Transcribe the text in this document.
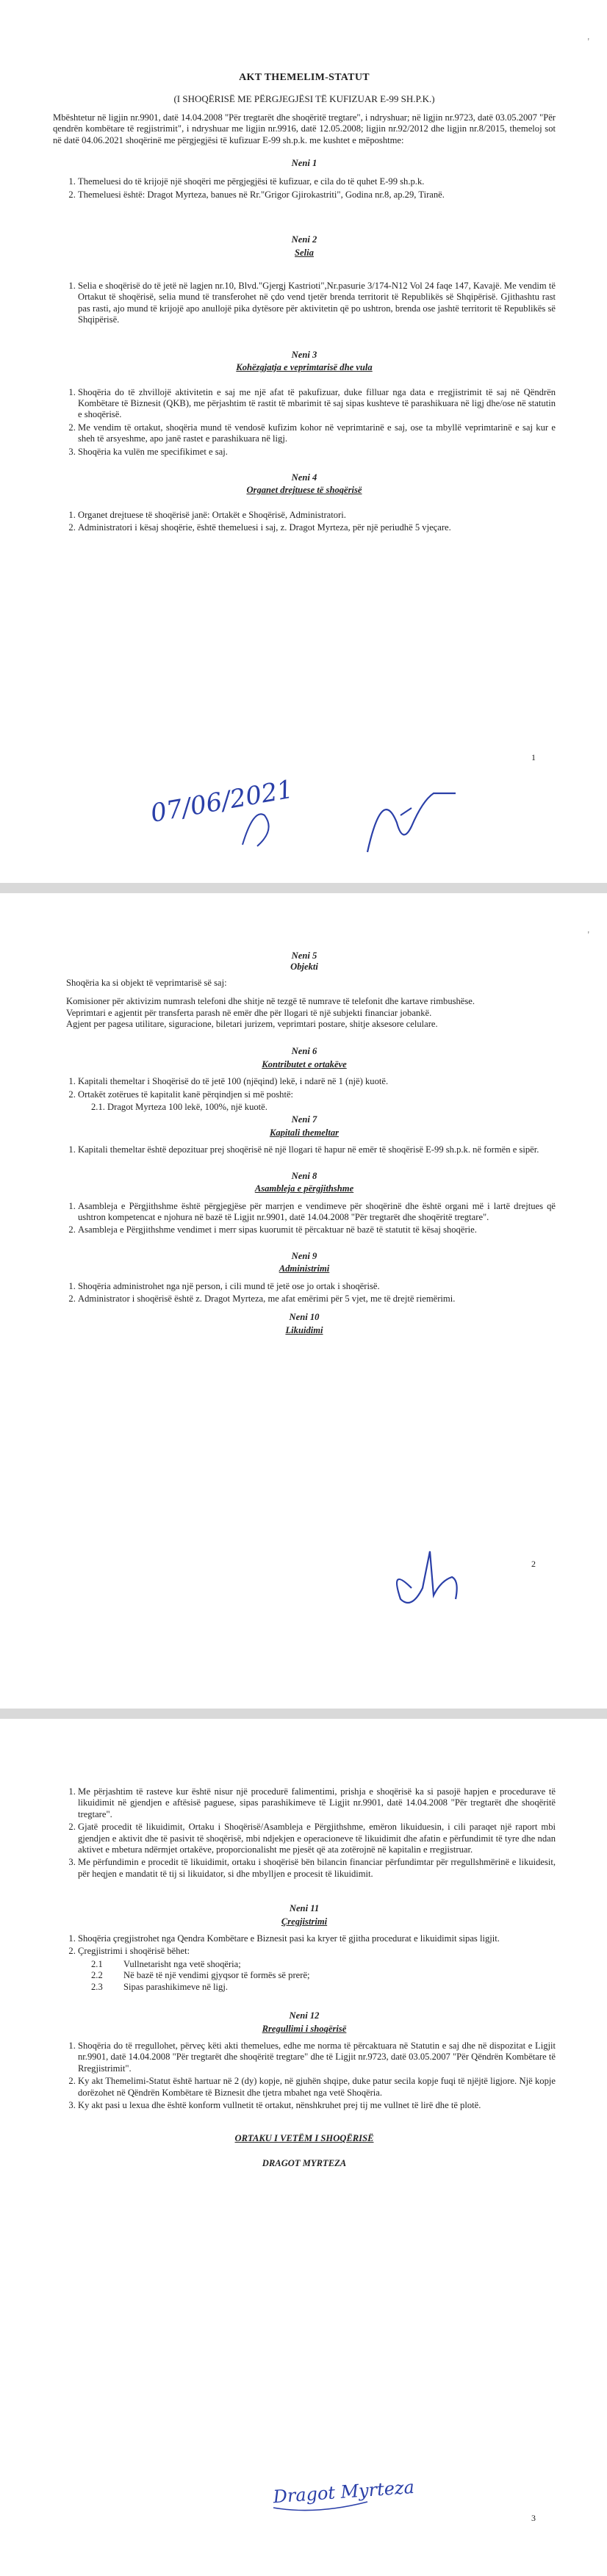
'

AKT THEMELIM-STATUT

(I SHOQËRISË ME PËRGJEGJËSI TË KUFIZUAR E-99 SH.P.K.)

Mbështetur në ligjin nr.9901, datë 14.04.2008 "Për tregtarët dhe shoqëritë tregtare", i ndryshuar; në ligjin nr.9723, datë 03.05.2007 "Për qendrën kombëtare të regjistrimit", i ndryshuar me ligjin nr.9916, datë 12.05.2008; ligjin nr.92/2012 dhe ligjin nr.8/2015, themeloj sot në datë 04.06.2021 shoqërinë me përgjegjësi të kufizuar E-99 sh.p.k. me kushtet e mëposhtme:

Neni 1

1. Themeluesi do të krijojë një shoqëri me përgjegjësi të kufizuar, e cila do të quhet E-99 sh.p.k.
2. Themeluesi është: Dragot Myrteza, banues në Rr."Grigor Gjirokastriti", Godina nr.8, ap.29, Tiranë.

Neni 2

Selia

1. Selia e shoqërisë do të jetë në lagjen nr.10, Blvd."Gjergj Kastrioti",Nr.pasurie 3/174-N12 Vol 24 faqe 147, Kavajë. Me vendim të Ortakut të shoqërisë, selia mund të transferohet në çdo vend tjetër brenda territorit të Republikës së Shqipërisë. Gjithashtu rast pas rasti, ajo mund të krijojë apo anullojë pika dytësore për aktivitetin që po ushtron, brenda ose jashtë territorit të Republikës së Shqipërisë.

Neni 3

Kohëzgjatja e veprimtarisë dhe vula

1. Shoqëria do të zhvillojë aktivitetin e saj me një afat të pakufizuar, duke filluar nga data e rregjistrimit të saj në Qëndrën Kombëtare të Biznesit (QKB), me përjashtim të rastit të mbarimit të saj sipas kushteve të parashikuara në ligj dhe/ose në statutin e shoqërisë.
2. Me vendim të ortakut, shoqëria mund të vendosë kufizim kohor në veprimtarinë e saj, ose ta mbyllë veprimtarinë e saj kur e sheh të arsyeshme, apo janë rastet e parashikuara në ligj.
3. Shoqëria ka vulën me specifikimet e saj.

Neni 4

Organet drejtuese të shoqërisë

1. Organet drejtuese të shoqërisë janë: Ortakët e Shoqërisë, Administratori.
2. Administratori i kësaj shoqërie, është themeluesi i saj, z. Dragot Myrteza, për një periudhë 5 vjeçare.
1
07/06/2021
'

Neni 5

Objekti

Shoqëria ka si objekt të veprimtarisë së saj:

Komisioner për aktivizim numrash telefoni dhe shitje në tezgë të numrave të telefonit dhe kartave rimbushëse.

Veprimtari e agjentit për transferta parash në emër dhe për llogari të një subjekti financiar jobankë.

Agjent per pagesa utilitare, siguracione, biletari jurizem, veprimtari postare, shitje aksesore celulare.

Neni 6

Kontributet e ortakëve

1. Kapitali themeltar i Shoqërisë do të jetë 100 (njëqind) lekë, i ndarë në 1 (një) kuotë.
2. Ortakët zotërues të kapitalit kanë përqindjen si më poshtë:

2.1. Dragot Myrteza 100 lekë, 100%, një kuotë.

Neni 7

Kapitali themeltar

1. Kapitali themeltar është depozituar prej shoqërisë në një llogari të hapur në emër të shoqërisë E-99 sh.p.k. në formën e sipër.

Neni 8

Asambleja e përgjithshme

1. Asambleja e Përgjithshme është përgjegjëse për marrjen e vendimeve për shoqërinë dhe është organi më i lartë drejtues që ushtron kompetencat e njohura në bazë të Ligjit nr.9901, datë 14.04.2008 "Për tregtarët dhe shoqëritë tregtare".
2. Asambleja e Përgjithshme vendimet i merr sipas kuorumit të përcaktuar në bazë të statutit të kësaj shoqërie.

Neni 9

Administrimi

1. Shoqëria administrohet nga një person, i cili mund të jetë ose jo ortak i shoqërisë.
2. Administrator i shoqërisë është z. Dragot Myrteza, me afat emërimi për 5 vjet, me të drejtë riemërimi.

Neni 10

Likuidimi

2
1. Me përjashtim të rasteve kur është nisur një procedurë falimentimi, prishja e shoqërisë ka si pasojë hapjen e procedurave të likuidimit në gjendjen e aftësisë paguese, sipas parashikimeve të Ligjit nr.9901, datë 14.04.2008 "Për tregtarët dhe shoqëritë tregtare".
2. Gjatë procedit të likuidimit, Ortaku i Shoqërisë/Asambleja e Përgjithshme, emëron likuiduesin, i cili paraqet një raport mbi gjendjen e aktivit dhe të pasivit të shoqërisë, mbi ndjekjen e operacioneve të likuidimit dhe afatin e përfundimit të tyre dhe ndan aktivet e mbetura ndërmjet ortakëve, proporcionalisht me pjesët që ata zotërojnë në kapitalin e rregjistruar.
3. Me përfundimin e procedit të likuidimit, ortaku i shoqërisë bën bilancin financiar përfundimtar për rregullshmërinë e likuidesit, për heqjen e mandatit të tij si likuidator, si dhe mbylljen e procesit të likuidimit.

Neni 11

Çregjistrimi

1. Shoqëria çregjistrohet nga Qendra Kombëtare e Biznesit pasi ka kryer të gjitha procedurat e likuidimit sipas ligjit.
2. Çregjistrimi i shoqërisë bëhet:
2.1	Vullnetarisht nga vetë shoqëria;
2.2	Në bazë të një vendimi gjyqsor të formës së prerë;
2.3	Sipas parashikimeve në ligj.

Neni 12

Rregullimi i shoqërisë

1. Shoqëria do të rregullohet, përveç këti akti themelues, edhe me norma të përcaktuara në Statutin e saj dhe në dispozitat e Ligjit nr.9901, datë 14.04.2008 "Për tregtarët dhe shoqëritë tregtare" dhe të Ligjit nr.9723, datë 03.05.2007 "Për Qëndrën Kombëtare të Rregjistrimit".
2. Ky akt Themelimi-Statut është hartuar në 2 (dy) kopje, në gjuhën shqipe, duke patur secila kopje fuqi të njëjtë ligjore. Një kopje dorëzohet në Qëndrën Kombëtare të Biznesit dhe tjetra mbahet nga vetë Shoqëria.
3. Ky akt pasi u lexua dhe është konform vullnetit të ortakut, nënshkruhet prej tij me vullnet të lirë dhe të plotë.
ORTAKU I VETËM I SHOQËRISË
DRAGOT MYRTEZA
Dragot Myrteza
3
